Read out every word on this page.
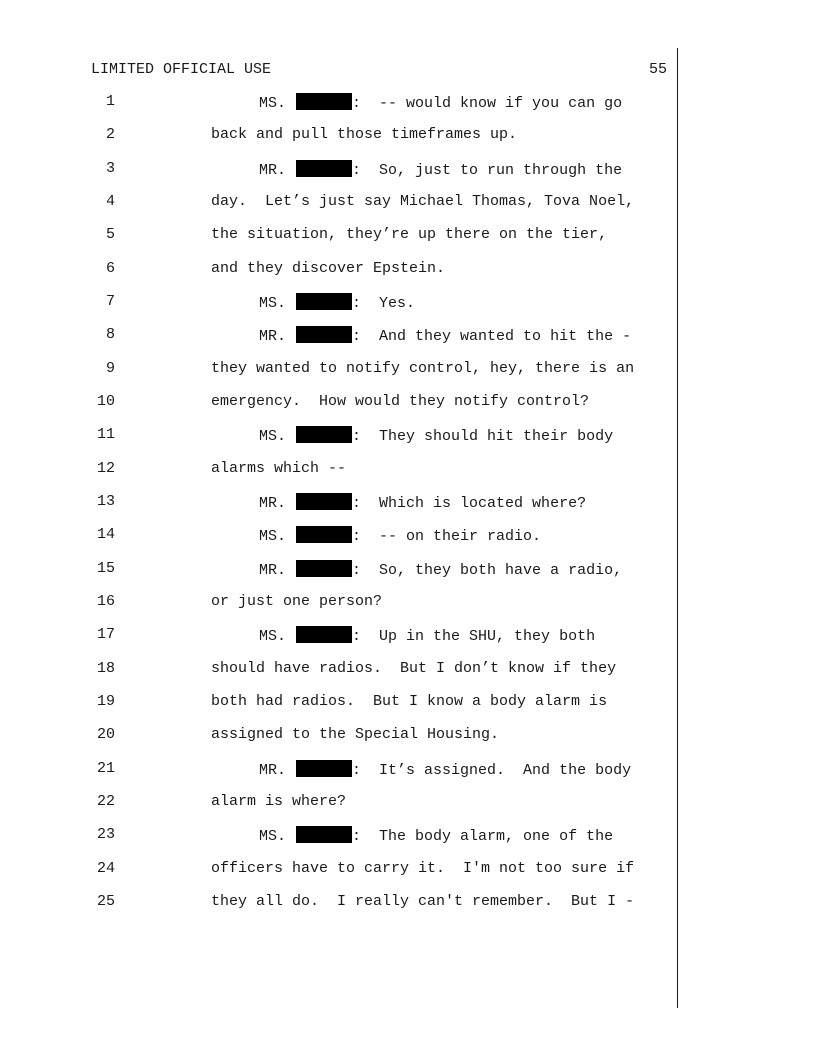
LIMITED OFFICIAL USE	55
1	MS.	:  -- would know if you can go
2	back and pull those timeframes up.
3	MR.	:  So, just to run through the
4	day.  Let’s just say Michael Thomas, Tova Noel,
5	the situation, they’re up there on the tier,
6	and they discover Epstein.
7	MS.	:  Yes.
8	MR.	:  And they wanted to hit the -
9	they wanted to notify control, hey, there is an
10	emergency.  How would they notify control?
11	MS.	:  They should hit their body
12	alarms which --
13	MR.	:  Which is located where?
14	MS.	:  -- on their radio.
15	MR.	:  So, they both have a radio,
16	or just one person?
17	MS.	:  Up in the SHU, they both
18	should have radios.  But I don’t know if they
19	both had radios.  But I know a body alarm is
20	assigned to the Special Housing.
21	MR.	:  It’s assigned.  And the body
22	alarm is where?
23	MS.	:  The body alarm, one of the
24	officers have to carry it.  I'm not too sure if
25	they all do.  I really can't remember.  But I -
